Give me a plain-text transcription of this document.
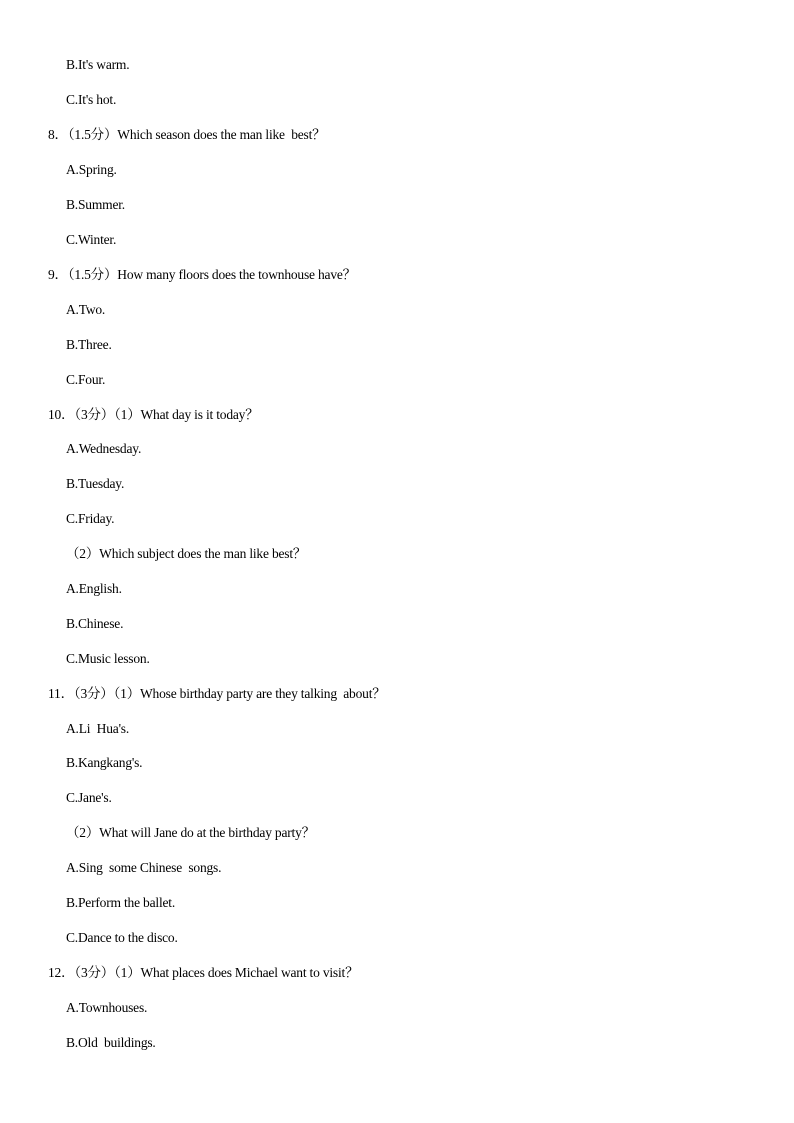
B.It's warm.
C.It's hot.
8．（1.5分）Which season does the man like  best？
A.Spring.
B.Summer.
C.Winter.
9．（1.5分）How many floors does the townhouse have？
A.Two.
B.Three.
C.Four.
10．（3分）（1）What day is it today？
A.Wednesday.
B.Tuesday.
C.Friday.
（2）Which subject does the man like best？
A.English.
B.Chinese.
C.Music lesson.
11．（3分）（1）Whose birthday party are they talking  about？
A.Li  Hua's.
B.Kangkang's.
C.Jane's.
（2）What will Jane do at the birthday party？
A.Sing  some Chinese  songs.
B.Perform the ballet.
C.Dance to the disco.
12．（3分）（1）What places does Michael want to visit？
A.Townhouses.
B.Old  buildings.
